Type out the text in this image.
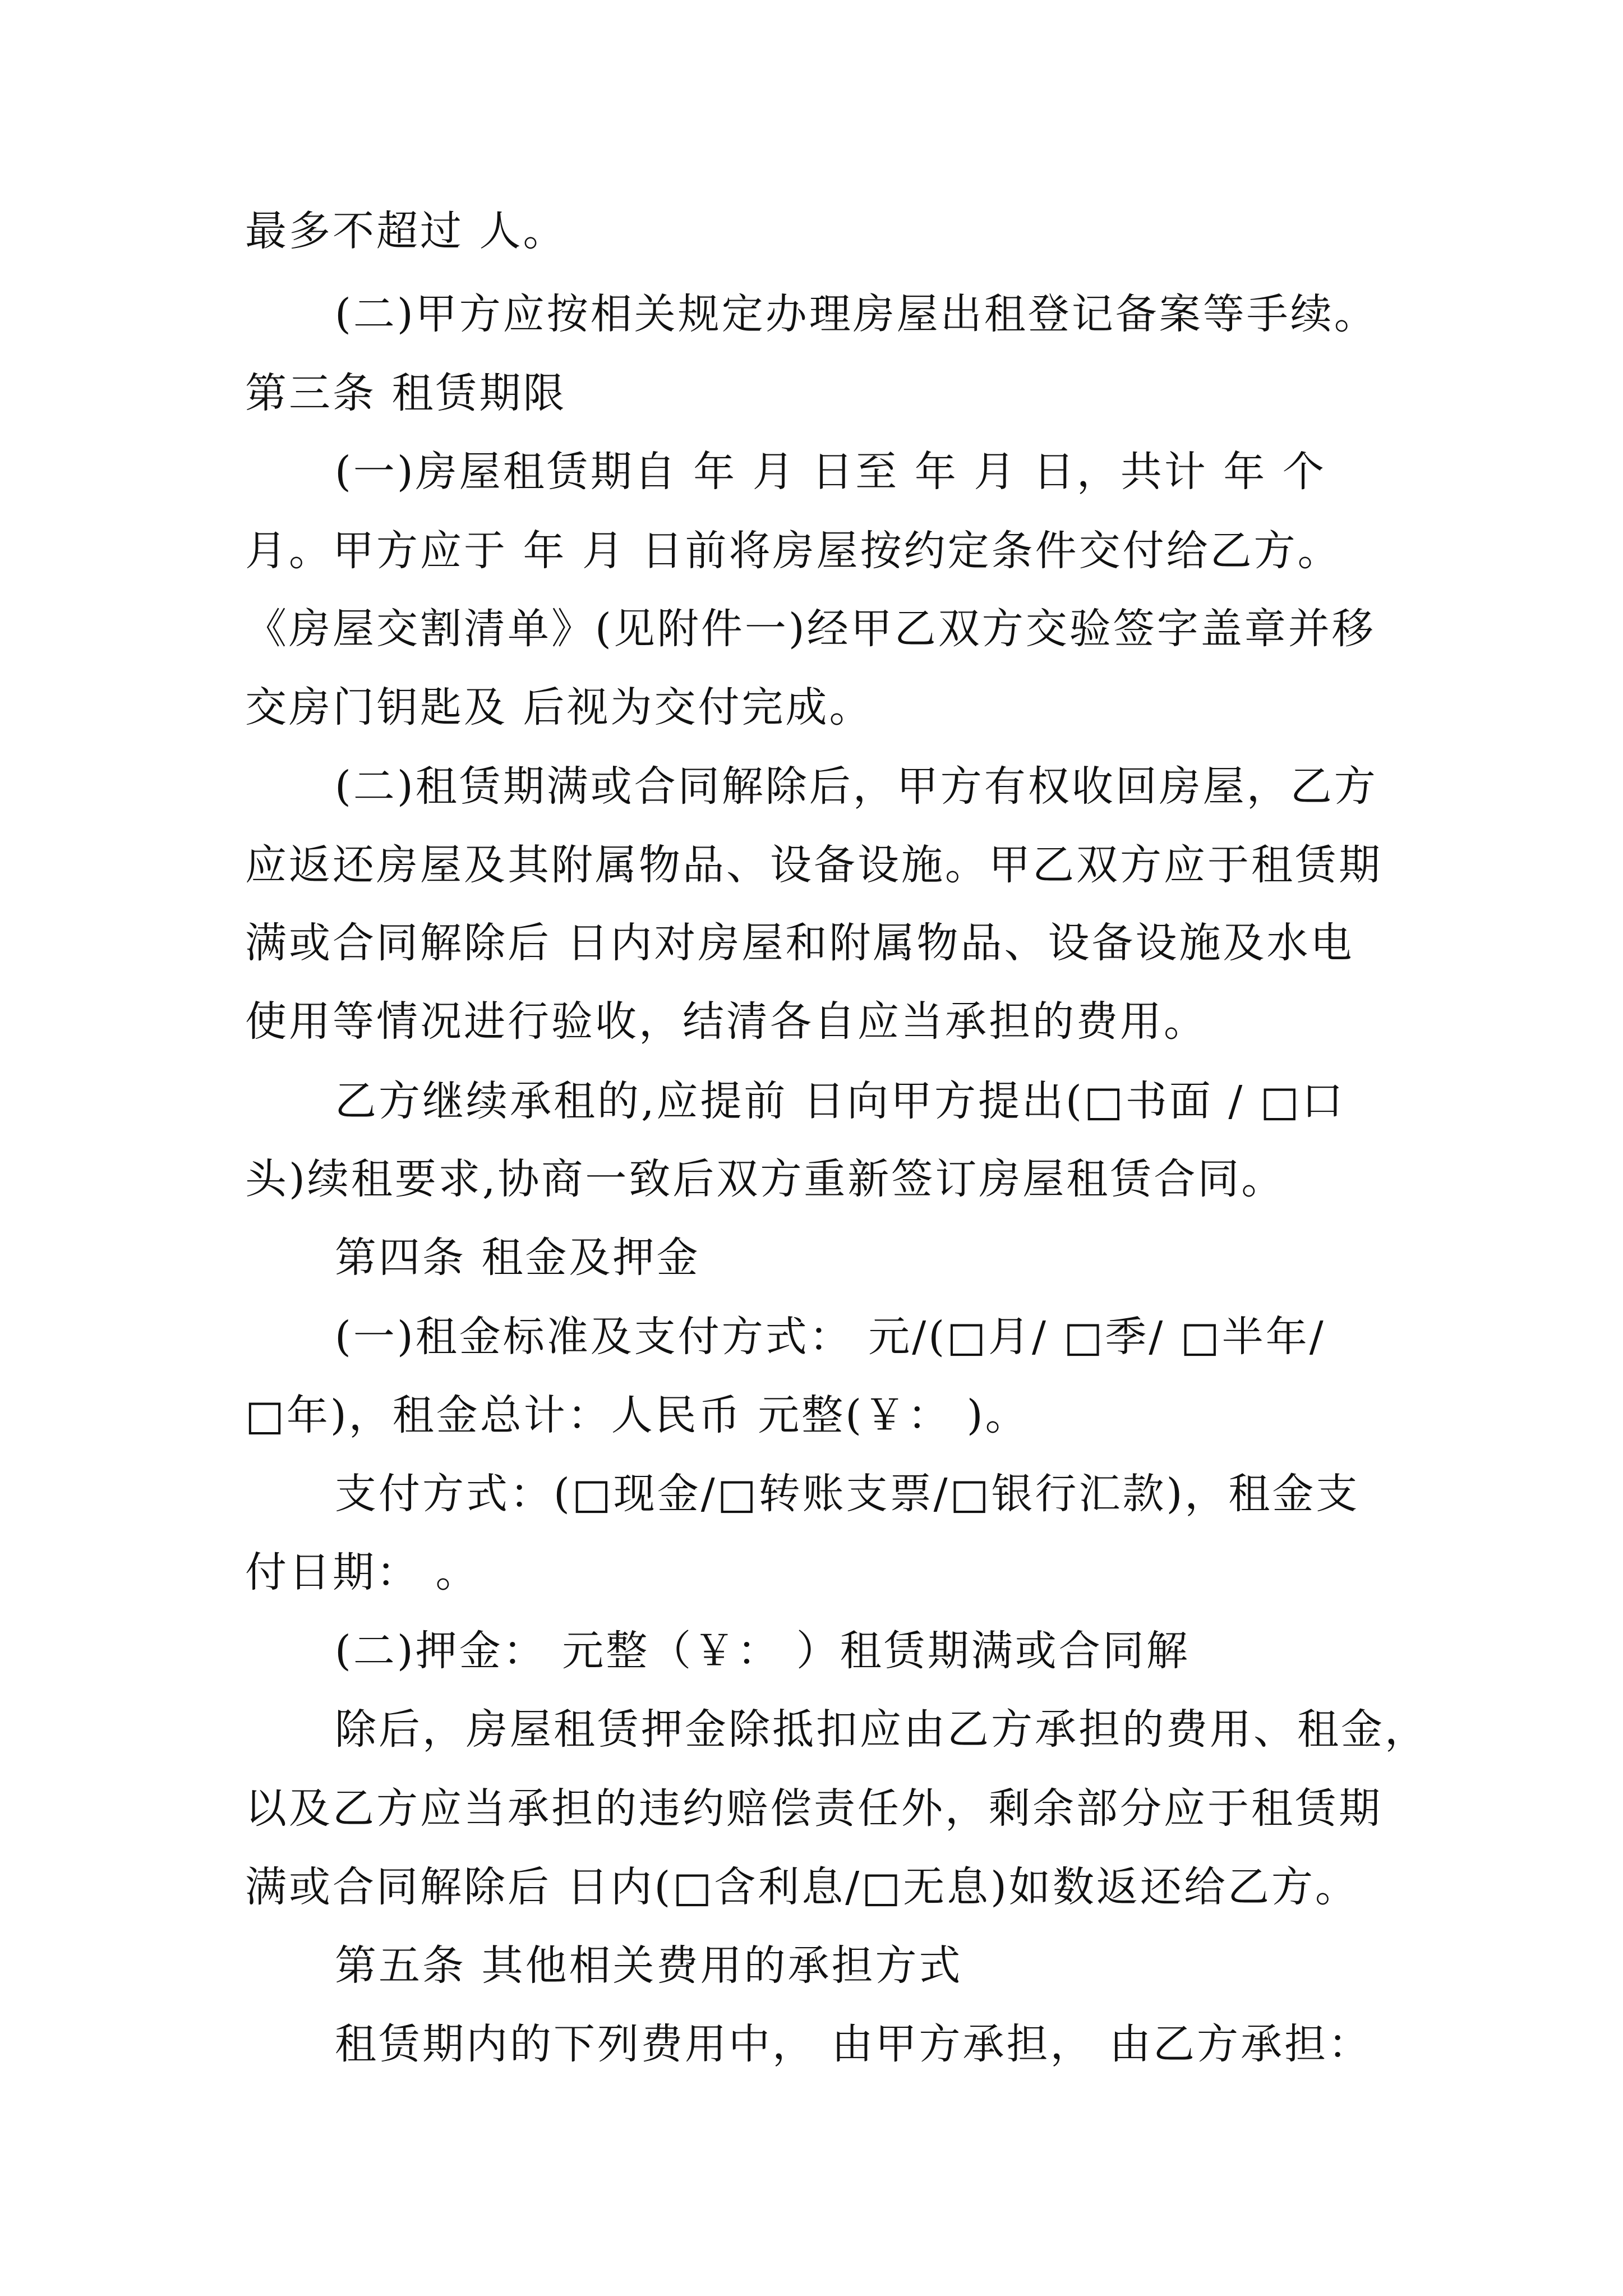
最多不超过 人。

(二)甲方应按相关规定办理房屋出租登记备案等手续。

第三条 租赁期限

(一)房屋租赁期自 年 月 日至 年 月 日，共计 年 个

月。甲方应于 年 月 日前将房屋按约定条件交付给乙方。

《房屋交割清单》(见附件一)经甲乙双方交验签字盖章并移

交房门钥匙及 后视为交付完成。

(二)租赁期满或合同解除后，甲方有权收回房屋，乙方

应返还房屋及其附属物品、设备设施。甲乙双方应于租赁期

满或合同解除后 日内对房屋和附属物品、设备设施及水电

使用等情况进行验收，结清各自应当承担的费用。

乙方继续承租的,应提前 日向甲方提出(□书面 / □口

头)续租要求,协商一致后双方重新签订房屋租赁合同。

第四条 租金及押金

(一)租金标准及支付方式： 元/(□月/ □季/ □半年/

□年)，租金总计：人民币 元整(￥： )。

支付方式：(□现金/□转账支票/□银行汇款)，租金支

付日期： 。

(二)押金： 元整（￥： ）租赁期满或合同解

除后，房屋租赁押金除抵扣应由乙方承担的费用、租金，

以及乙方应当承担的违约赔偿责任外，剩余部分应于租赁期

满或合同解除后 日内(□含利息/□无息)如数返还给乙方。

第五条 其他相关费用的承担方式

租赁期内的下列费用中， 由甲方承担， 由乙方承担：
